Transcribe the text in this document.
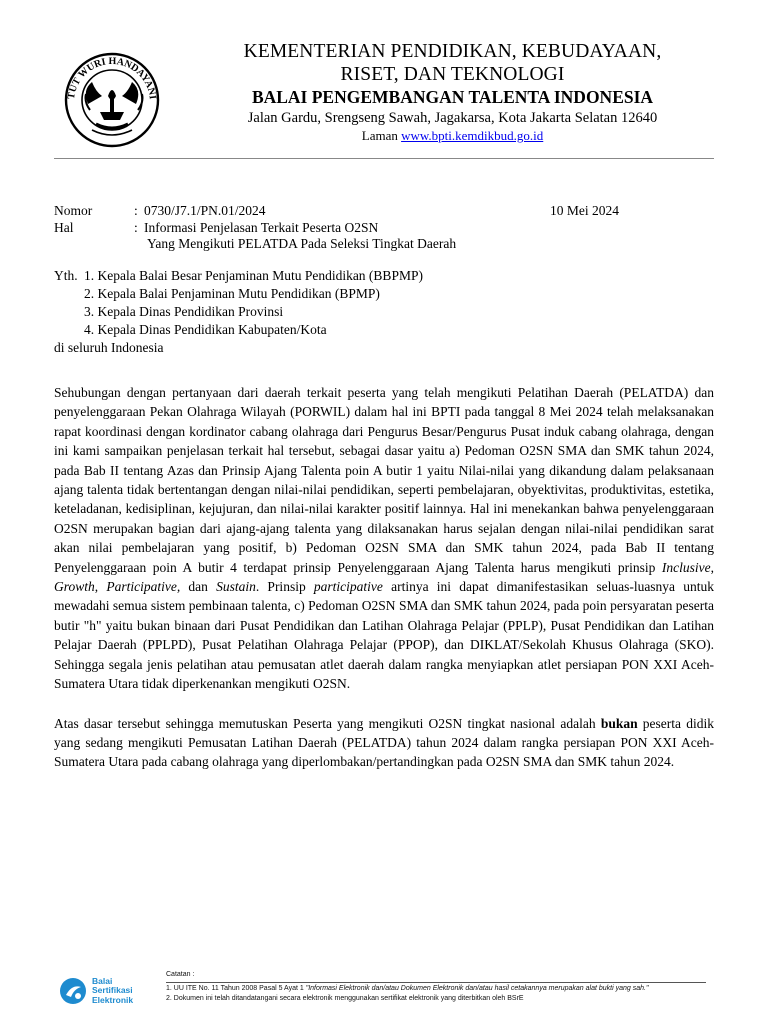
TUT WURI HANDAYANI
KEMENTERIAN PENDIDIKAN, KEBUDAYAAN,
RISET, DAN TEKNOLOGI
BALAI PENGEMBANGAN TALENTA INDONESIA
Jalan Gardu, Srengseng Sawah, Jagakarsa, Kota Jakarta Selatan 12640
Laman www.bpti.kemdikbud.go.id
Nomor	: 0730/J7.1/PN.01/2024
Hal	: Informasi Penjelasan Terkait Peserta O2SN
Yang Mengikuti PELATDA Pada Seleksi Tingkat Daerah
10 Mei 2024
Yth. 1. Kepala Balai Besar Penjaminan Mutu Pendidikan (BBPMP)
2. Kepala Balai Penjaminan Mutu Pendidikan (BPMP)
3. Kepala Dinas Pendidikan Provinsi
4. Kepala Dinas Pendidikan Kabupaten/Kota
di seluruh Indonesia

Sehubungan dengan pertanyaan dari daerah terkait peserta yang telah mengikuti Pelatihan Daerah (PELATDA) dan penyelenggaraan Pekan Olahraga Wilayah (PORWIL) dalam hal ini BPTI pada tanggal 8 Mei 2024 telah melaksanakan rapat koordinasi dengan kordinator cabang olahraga dari Pengurus Besar/Pengurus Pusat induk cabang olahraga, dengan ini kami sampaikan penjelasan terkait hal tersebut, sebagai dasar yaitu a) Pedoman O2SN SMA dan SMK tahun 2024, pada Bab II tentang Azas dan Prinsip Ajang Talenta poin A butir 1 yaitu Nilai-nilai yang dikandung dalam pelaksanaan ajang talenta tidak bertentangan dengan nilai-nilai pendidikan, seperti pembelajaran, obyektivitas, produktivitas, estetika, keteladanan, kedisiplinan, kejujuran, dan nilai-nilai karakter positif lainnya. Hal ini menekankan bahwa penyelenggaraan O2SN merupakan bagian dari ajang-ajang talenta yang dilaksanakan harus sejalan dengan nilai-nilai pendidikan sarat akan nilai pembelajaran yang positif, b) Pedoman O2SN SMA dan SMK tahun 2024, pada Bab II tentang Penyelenggaraan poin A butir 4 terdapat prinsip Penyelenggaraan Ajang Talenta harus mengikuti prinsip Inclusive, Growth, Participative, dan Sustain. Prinsip participative artinya ini dapat dimanifestasikan seluas-luasnya untuk mewadahi semua sistem pembinaan talenta, c) Pedoman O2SN SMA dan SMK tahun 2024, pada poin persyaratan peserta butir "h" yaitu bukan binaan dari Pusat Pendidikan dan Latihan Olahraga Pelajar (PPLP), Pusat Pendidikan dan Latihan Pelajar Daerah (PPLPD), Pusat Pelatihan Olahraga Pelajar (PPOP), dan DIKLAT/Sekolah Khusus Olahraga (SKO). Sehingga segala jenis pelatihan atau pemusatan atlet daerah dalam rangka menyiapkan atlet persiapan PON XXI Aceh-Sumatera Utara tidak diperkenankan mengikuti O2SN.

Atas dasar tersebut sehingga memutuskan Peserta yang mengikuti O2SN tingkat nasional adalah bukan peserta didik yang sedang mengikuti Pemusatan Latihan Daerah (PELATDA) tahun 2024 dalam rangka persiapan PON XXI Aceh-Sumatera Utara pada cabang olahraga yang diperlombakan/pertandingkan pada O2SN SMA dan SMK tahun 2024.

Balai
Sertifikasi
Elektronik
Catatan :
1. UU ITE No. 11 Tahun 2008 Pasal 5 Ayat 1 "Informasi Elektronik dan/atau Dokumen Elektronik dan/atau hasil cetakannya merupakan alat bukti yang sah."
2. Dokumen ini telah ditandatangani secara elektronik menggunakan sertifikat elektronik yang diterbitkan oleh BSrE
